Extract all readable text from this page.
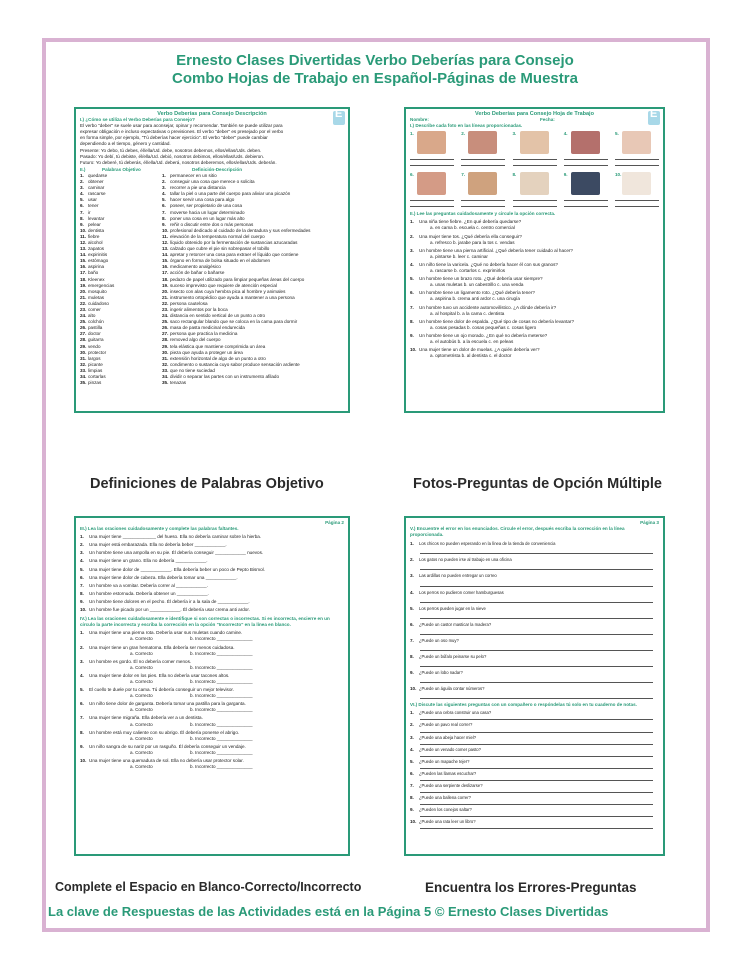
Ernesto Clases Divertidas Verbo Deberías para Consejo
Combo Hojas de Trabajo en Español-Páginas de Muestra
E
Verbo Deberías para Consejo Descripción
I.) ¿Cómo se utiliza el Verbo Deberías para Consejo?
El verbo "deber" se suele usar para aconsejar, opinar y recomendar. También se puede utilizar para
expresar obligación e incluso expectativas o previsiones. El verbo "deber" es presejado por el verbo
en forma simple, por ejemplo, "Tú deberías hacer ejercicio". El verbo "deber" puede cambiar
dependiendo a el tiempo, género y cantidad.
Presente: Yo debo, tú debes, él/ella/Ud. debe, nosotros debemos, ellos/ellas/Uds. deben.
Pasado: Yo debí, tú debiste, él/ella/Ud. debió, nosotros debimos, ellos/ellas/Uds. debieron.
Futuro: Yo deberé, tú deberás, él/ella/Ud. deberá, nosotros deberemos, ellos/ellas/Uds. deberán.
II.)	Palabras Objetivo	Definición-Descripción
1. quedarse	1. permanecer en un sitio
2. obtener	2. conseguir una cosa que merece o solicita
3. caminar	3. recorrer a pie una distancia
4. rascarse	4. tallar la piel o una parte del cuerpo para aliviar una picazón
5. usar	5. hacer servir una cosa para algo
6. tener	6. poseer, ser propietario de una cosa
7. ir	7. moverse hacia un lugar determinado
8. levantar	8. poner una cosa en un lugar más alto
9. pelear	9. reñir o discutir entre dos o más personas
10. dentista	10. profesional dedicado al cuidado de la dentadura y sus enfermedades
11. fiebre	11. elevación de la temperatura normal del cuerpo
12. alcohol	12. líquido obtenido por la fermentación de sustancias azucaradas
13. zapatos	13. calzado que cubre el pie sin sobrepasar el tobillo
14. expirinitis	14. apretar y retorcer una cosa para extraer el líquido que contiene
15. estómago	15. órgano en forma de bolsa situado en el abdomen
16. aspirina	16. medicamento analgésico
17. baño	17. acción de bañar o bañarse
18. Kleenex	18. pedazo de papel utilizado para limpiar pequeñas áreas del cuerpo
19. emergencias	19. suceso imprevisto que requiere de atención especial
20. mosquito	20. insecto con alas cuya hembra pica al hombre y animales
21. muletas	21. instrumento ortopédico que ayuda a mantener a una persona
22. cuidadoso	22. persona cautelosa
23. comer	23. ingerir alimentos por la boca
24. alto	24. distancia en sentido vertical de un punto a otro
25. colchón	25. saco rectangular blando que se coloca en la cama para dormir
26. pastilla	26. masa de pasta medicinal endurecida
27. doctor	27. persona que practica la medicina
28. guitarra	28. removed algo del cuerpo
29. vendo	29. tela elástica que mantiene comprimida un área
30. protector	30. pieza que ayuda a proteger un área
31. largos	31. extensión horizontal de algo de un punto a otro
32. picante	32. condimento o sustancia cuyo sabor produce sensación ardiente
33. limpias	33. que no tiene suciedad
34. cortarlas	34. dividir o separar las partes con un instrumento afilado
35. pinzas	35. tenazas
E
Verbo Deberías para Consejo Hoja de Trabajo
Nombre:	Fecha:
I.) Describe cada foto en las líneas proporcionadas.
1.	2.	3.	4.	5.
6.	7.	8.	9.	10.
II.) Lee las preguntas cuidadosamente y circule la opción correcta.
1.	Una niña tiene fiebre. ¿En qué debería quedarse?
a. en cama b. escuela c. centro comercial
2.	Una mujer tiene tos. ¿Qué debería ella conseguir?
a. refresco b. jarabe para la tos c. vendas
3.	Un hombre tiene una pierna artificial. ¿Qué debería tener cuidado al hacer?
a. pintarse b. leer c. caminar
4.	Un niño tiene la varicela. ¿Qué no debería hacer él con sus granos?
a. rascarse b. cortarlos c. exprimirlos
5.	Un hombre tiene un brazo roto. ¿Qué debería usar siempre?
a. unas muletas b. un cabestrillo c. una venda
6.	Un hombre tiene un ligamento roto. ¿Qué debería tener?
a. aspirina b. crema anti ardor c. una cirugía
7.	Un hombre tuvo un accidente automovilístico. ¿A dónde debería ir?
a. al hospital b. a la cama c. dentista
8.	Un hombre tiene dolor de espalda. ¿Qué tipo de cosas no debería levantar?
a. cosas pesadas b. cosas pequeñas c. cosas ligero
9.	Un hombre tiene un ojo morado. ¿En qué no debería meterse?
a. el autobús b. a la escuela c. en peleas
10. Una mujer tiene un dolor de muelas. ¿A quién debería ver?
a. optometrista b. al dentista c. el doctor
Definiciones de Palabras Objetivo	Fotos-Preguntas de Opción Múltiple
Página 2
III.) Lea las oraciones cuidadosamente y complete las palabras faltantes.
1.	Una mujer tiene _____________ del hueso. Ella no debería caminar sobre la hierba.
2.	Una mujer está embarazada. Ella no debería beber ____________.
3.	Un hombre tiene una ampolla en su pie. Él debería conseguir ____________ nuevos.
4.	Una mujer tiene un grano. Ella no debería ____________.
5.	Una mujer tiene dolor de ____________. Ella debería beber un poco de Pepto Bismol.
6.	Una mujer tiene dolor de cabeza. Ella debería tomar una ____________.
7.	Un hombre va a vomitar. Debería correr al ____________.
8.	Un hombre estornuda. Debería obtener un ____________.
9.	Un hombre tiene dolores en el pecho. Él debería ir a la sala de ____________.
10. Un hombre fue picado por un ____________. Él debería usar crema anti ardor.
IV.) Lea las oraciones cuidadosamente e identifique si son correctas o incorrectas. Si es incorrecta, encierre en un círculo la parte incorrecta y escriba la corrección en la opción "Incorrecto" en la línea en blanco.
1.	Una mujer tiene una pierna rota. Debería usar sus muletas cuando camine.
a. Correcto	b. Incorrecto ______________
2.	Una mujer tiene un gran hematoma. Ella debería ser menos cuidadosa.
a. Correcto	b. Incorrecto ______________
3.	Un hombre es gordo. Él no debería comer menos.
a. Correcto	b. Incorrecto ______________
4.	Una mujer tiene dolor en los pies. Ella no debería usar tacones altos.
a. Correcto	b. Incorrecto ______________
5.	El cuello te duele por tu cama. Tú debería conseguir un mejor televisor.
a. Correcto	b. Incorrecto ______________
6.	Un niño tiene dolor de garganta. Debería tomar una pastilla para la garganta.
a. Correcto	b. Incorrecto ______________
7.	Una mujer tiene migraña. Ella debería ver a un dentista.
a. Correcto	b. Incorrecto ______________
8.	Un hombre está muy caliente con su abrigo. Él debería ponerse el abrigo.
a. Correcto	b. Incorrecto ______________
9.	Un niño sangra de su nariz por un rasguño. Él debería conseguir un vendaje.
a. Correcto	b. Incorrecto ______________
10. Una mujer tiene una quemadura de sol. Ella no debería usar protector solar.
a. Correcto	b. Incorrecto ______________
Página 3
V.) Encuentre el error en los enunciados. Circule el error, después escriba la corrección en la línea proporcionada.
1.	Los chicos no pueden esperando en la línea de la tienda de conveniencia
2.	Los gatos no pueden irse al trabajo en una oficina
3.	Las ardillas no pueden entregar un correo
4.	Los perros no pudieron comer hamburguesas
5.	Los perros pueden jugar en la nieve
6.	¿Puede un castor masticar la madera?
7.	¿Puede un oso muy?
8.	¿Puede un búfalo peinarse su pelo?
9.	¿Puede un lobo nadar?
10. ¿Puede un águila contar números?
VI.) Discute las siguientes preguntas con un compañero o respóndelas tú solo en tu cuaderno de notas.
1.	¿Puede una cebra construir una casa?
2.	¿Puede un pavo real correr?
3.	¿Puede una abeja hacer miel?
4.	¿Puede un venado comer pasto?
5.	¿Puede un mapache tejer?
6.	¿Pueden las llamas escuchar?
7.	¿Puede una serpiente deslizarse?
8.	¿Puede una ballena correr?
9.	¿Pueden los conejos saltar?
10. ¿Puede una rata leer un libro?
Complete el Espacio en Blanco-Correcto/Incorrecto	Encuentra los Errores-Preguntas
La clave de Respuestas de las Actividades está en la Página 5 © Ernesto Clases Divertidas
